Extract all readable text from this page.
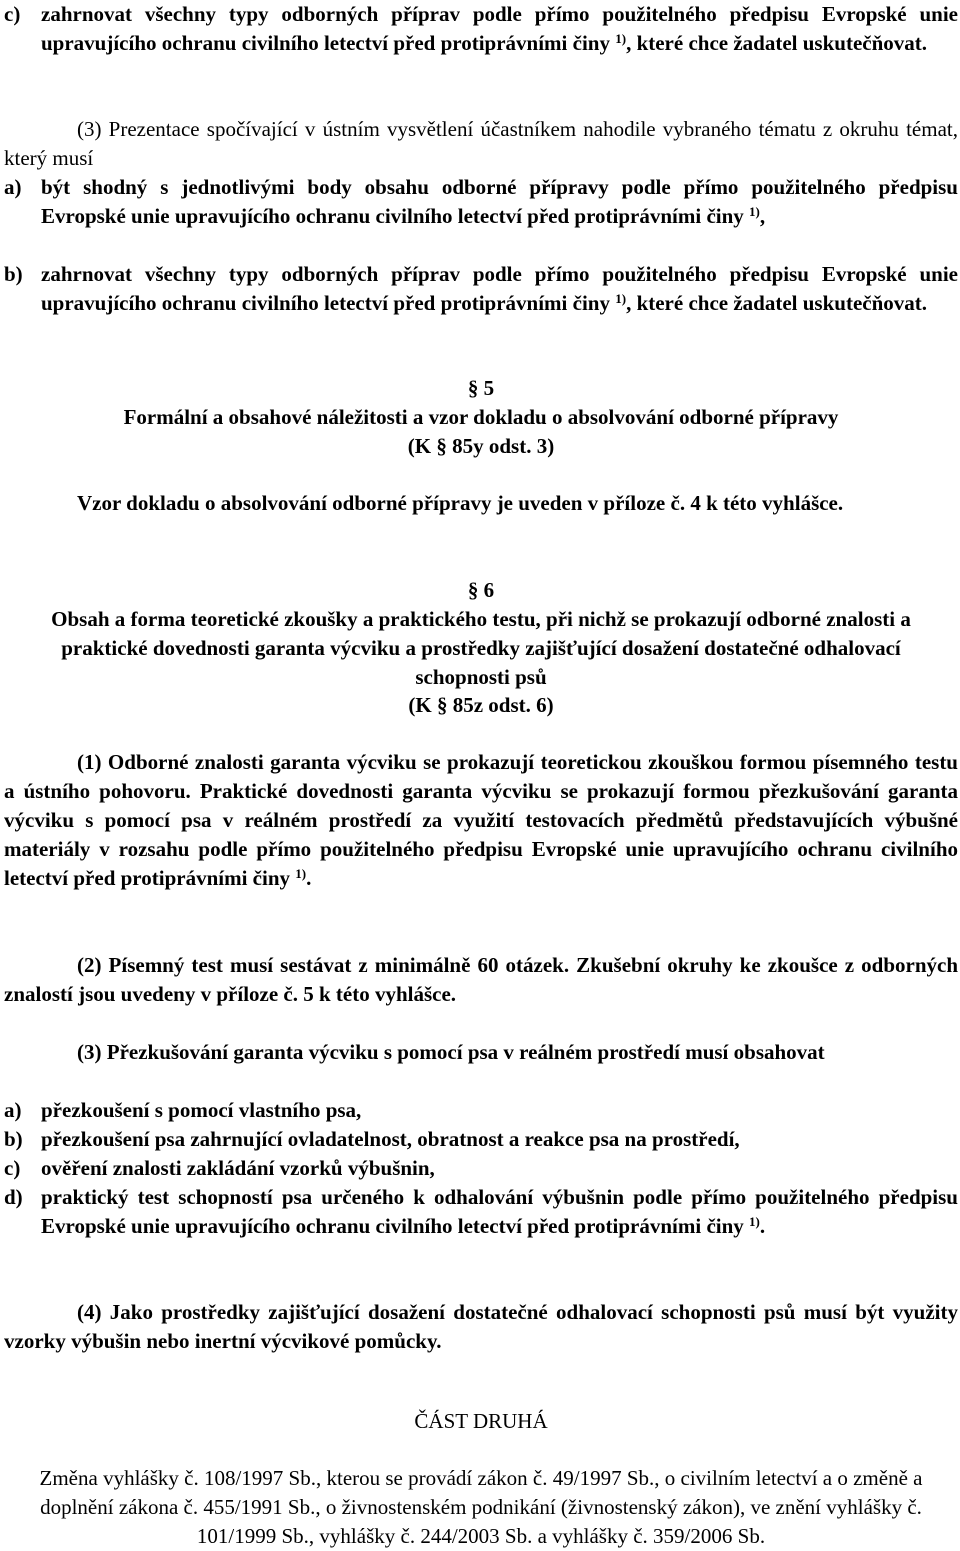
c) zahrnovat všechny typy odborných příprav podle přímo použitelného předpisu Evropské unie upravujícího ochranu civilního letectví před protiprávními činy $^{1)}$, které chce žadatel uskutečňovat.
(3) Prezentace spočívající v ústním vysvětlení účastníkem nahodile vybraného tématu z okruhu témat, který musí
a) být shodný s jednotlivými body obsahu odborné přípravy podle přímo použitelného předpisu Evropské unie upravujícího ochranu civilního letectví před protiprávními činy $^{1)}$,
b) zahrnovat všechny typy odborných příprav podle přímo použitelného předpisu Evropské unie upravujícího ochranu civilního letectví před protiprávními činy $^{1)}$, které chce žadatel uskutečňovat.
§ 5
Formální a obsahové náležitosti a vzor dokladu o absolvování odborné přípravy
(K § 85y odst. 3)
Vzor dokladu o absolvování odborné přípravy je uveden v příloze č. 4 k této vyhlášce.
§ 6
Obsah a forma teoretické zkoušky a praktického testu, při nichž se prokazují odborné znalosti a praktické dovednosti garanta výcviku a prostředky zajišťující dosažení dostatečné odhalovací schopnosti psů
(K § 85z odst. 6)
(1) Odborné znalosti garanta výcviku se prokazují teoretickou zkouškou formou písemného testu a ústního pohovoru. Praktické dovednosti garanta výcviku se prokazují formou přezkušování garanta výcviku s pomocí psa v reálném prostředí za využití testovacích předmětů představujících výbušné materiály v rozsahu podle přímo použitelného předpisu Evropské unie upravujícího ochranu civilního letectví před protiprávními činy $^{1)}$.
(2) Písemný test musí sestávat z minimálně 60 otázek. Zkušební okruhy ke zkoušce z odborných znalostí jsou uvedeny v příloze č. 5 k této vyhlášce.
(3) Přezkušování garanta výcviku s pomocí psa v reálném prostředí musí obsahovat
a) přezkoušení s pomocí vlastního psa,
b) přezkoušení psa zahrnující ovladatelnost, obratnost a reakce psa na prostředí,
c) ověření znalosti zakládání vzorků výbušnin,
d) praktický test schopností psa určeného k odhalování výbušnin podle přímo použitelného předpisu Evropské unie upravujícího ochranu civilního letectví před protiprávními činy $^{1)}$.
(4) Jako prostředky zajišťující dosažení dostatečné odhalovací schopnosti psů musí být využity vzorky výbušin nebo inertní výcvikové pomůcky.
ČÁST DRUHÁ
Změna vyhlášky č. 108/1997 Sb., kterou se provádí zákon č. 49/1997 Sb., o civilním letectví a o změně a doplnění zákona č. 455/1991 Sb., o živnostenském podnikání (živnostenský zákon), ve znění vyhlášky č. 101/1999 Sb., vyhlášky č. 244/2003 Sb. a vyhlášky č. 359/2006 Sb.
